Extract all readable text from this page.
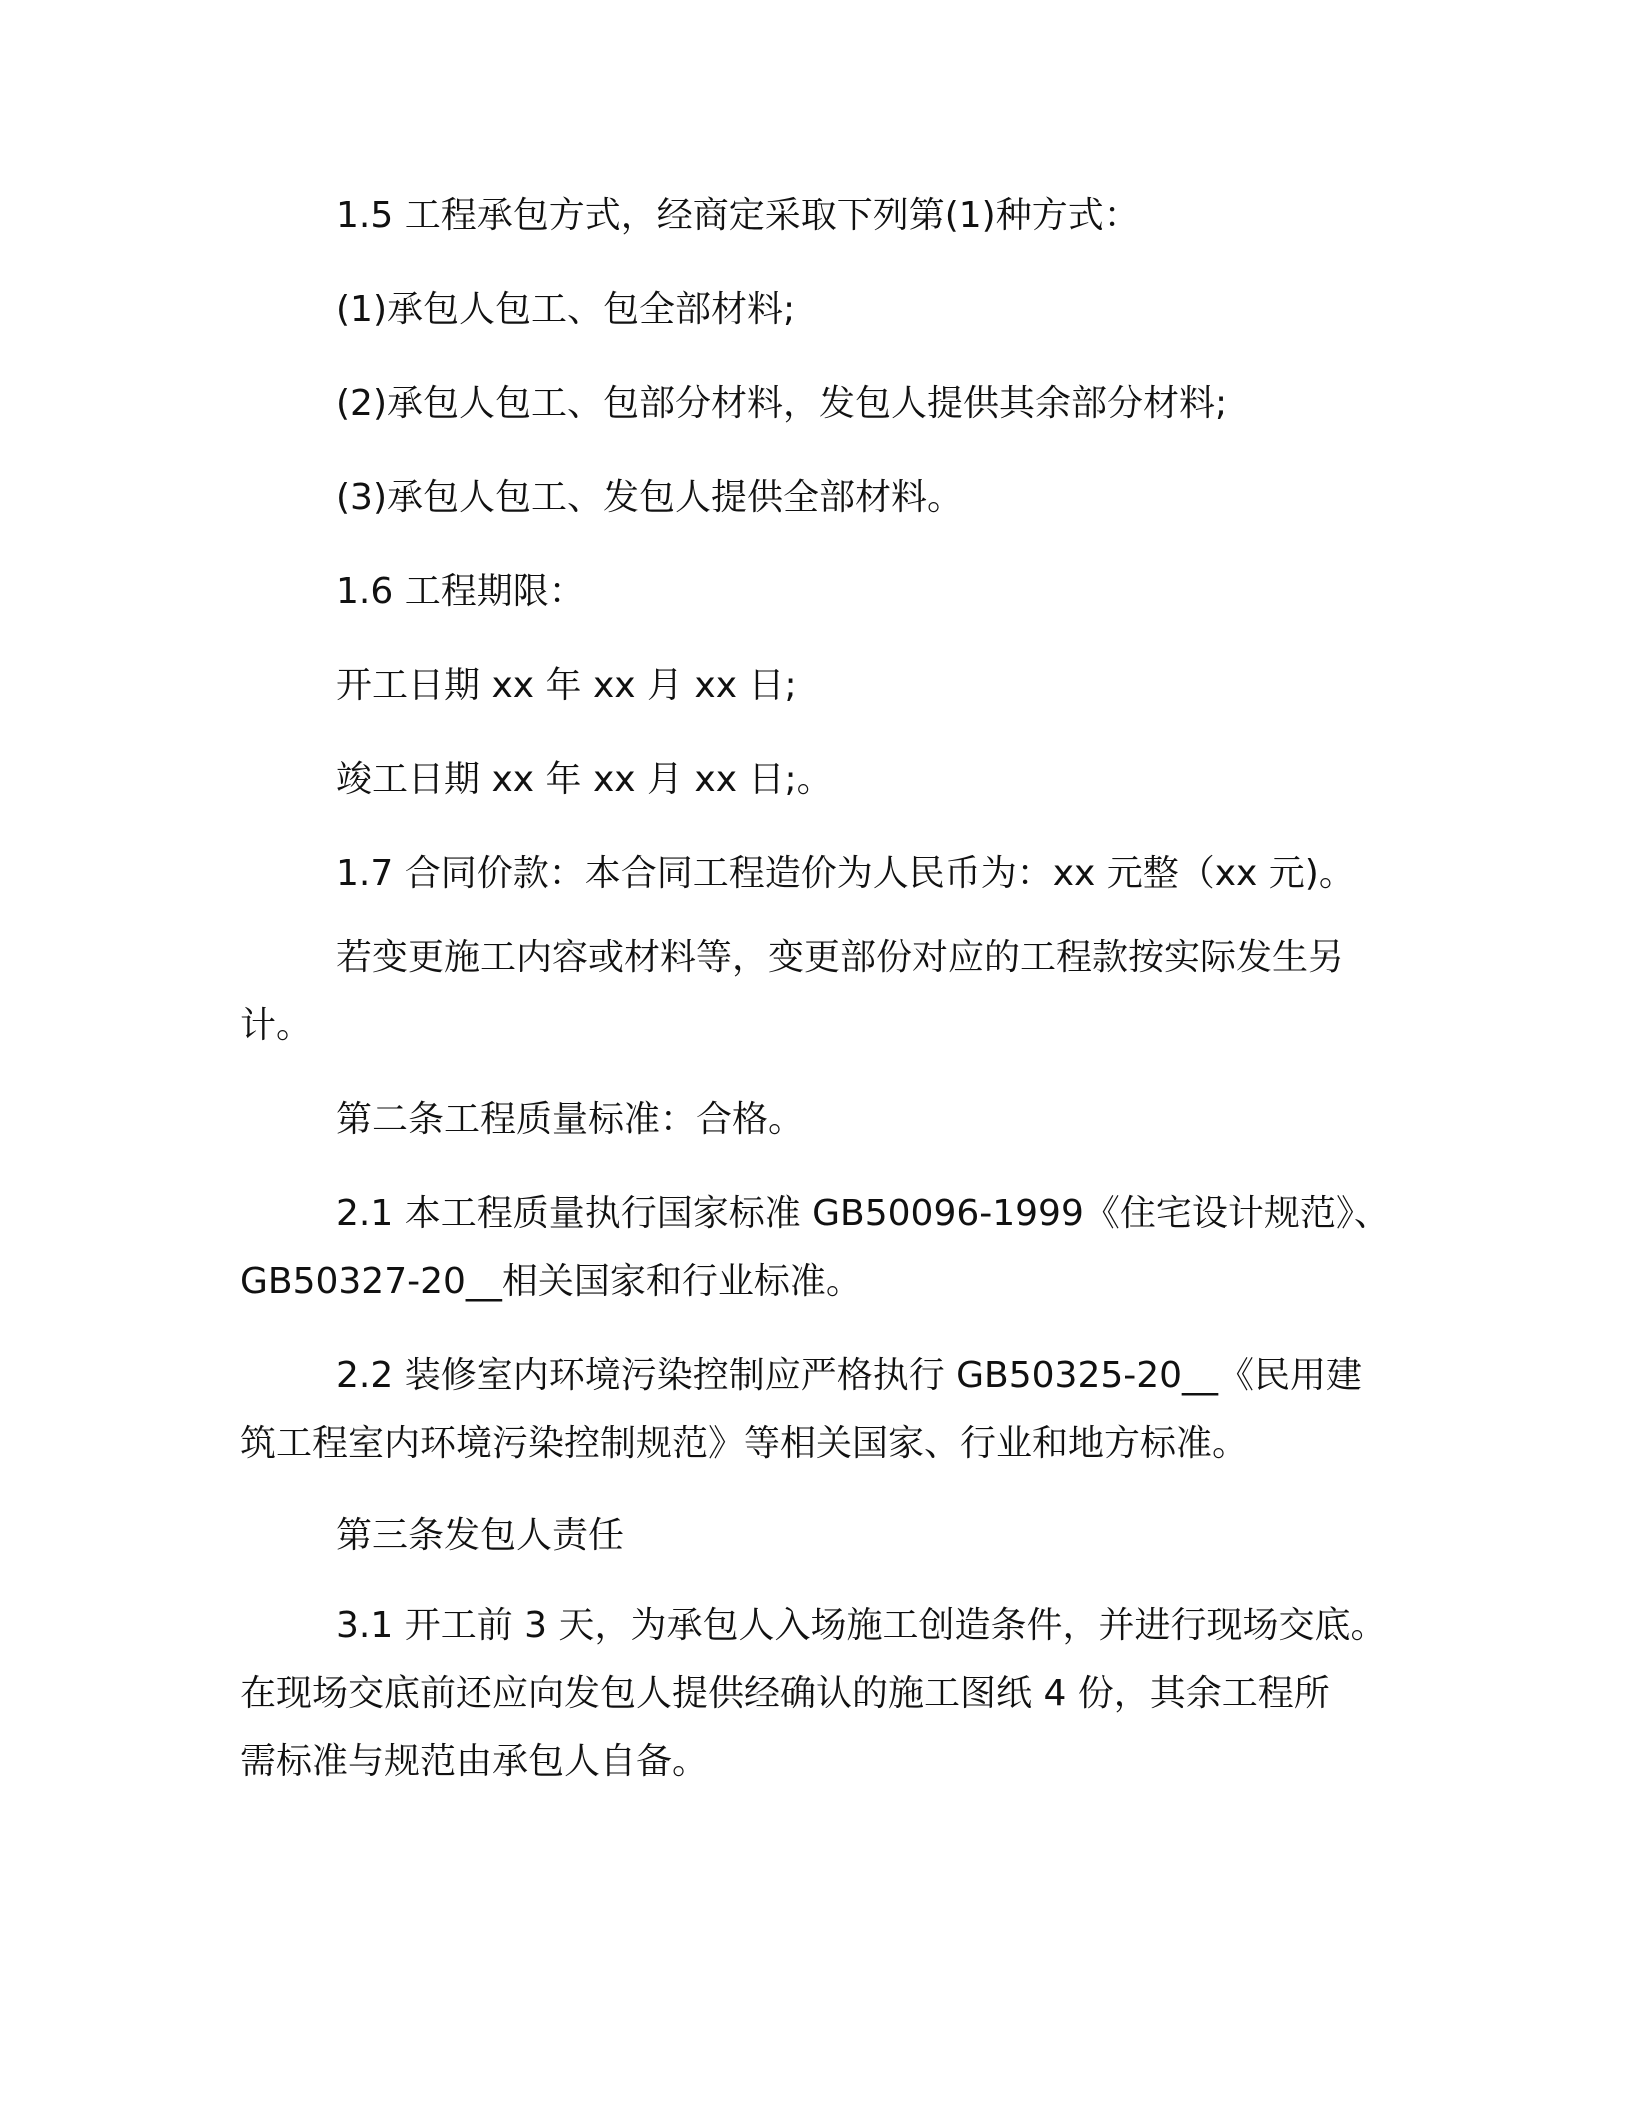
1.5 工程承包方式，经商定采取下列第(1)种方式：
(1)承包人包工、包全部材料;
(2)承包人包工、包部分材料，发包人提供其余部分材料;
(3)承包人包工、发包人提供全部材料。
1.6 工程期限：
开工日期 xx 年 xx 月 xx 日;
竣工日期 xx 年 xx 月 xx 日;。
1.7 合同价款：本合同工程造价为人民币为：xx 元整（xx 元)。
若变更施工内容或材料等，变更部份对应的工程款按实际发生另
计。
第二条工程质量标准：合格。
2.1 本工程质量执行国家标准 GB50096-1999《住宅设计规范》、
GB50327-20__相关国家和行业标准。
2.2 装修室内环境污染控制应严格执行 GB50325-20__《民用建
筑工程室内环境污染控制规范》等相关国家、行业和地方标准。
第三条发包人责任
3.1 开工前 3 天，为承包人入场施工创造条件，并进行现场交底。
在现场交底前还应向发包人提供经确认的施工图纸 4 份，其余工程所
需标准与规范由承包人自备。
